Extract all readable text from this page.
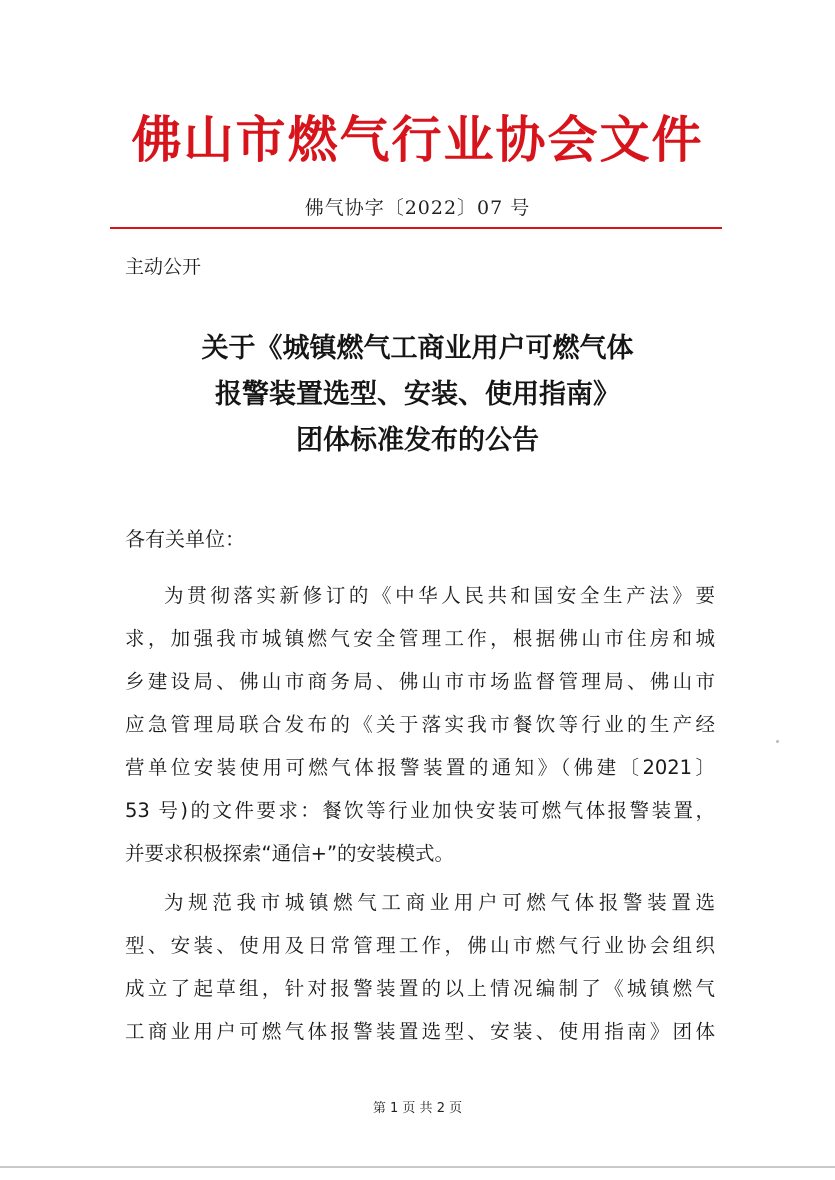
佛山市燃气行业协会文件
佛气协字〔2022〕07 号
主动公开
关于《城镇燃气工商业用户可燃气体
报警装置选型、安装、使用指南》
团体标准发布的公告
各有关单位：
为贯彻落实新修订的《中华人民共和国安全生产法》要
求，加强我市城镇燃气安全管理工作，根据佛山市住房和城
乡建设局、佛山市商务局、佛山市市场监督管理局、佛山市
应急管理局联合发布的《关于落实我市餐饮等行业的生产经
营单位安装使用可燃气体报警装置的通知》（佛建〔2021〕
53 号)的文件要求：餐饮等行业加快安装可燃气体报警装置，
并要求积极探索“通信+”的安装模式。
为规范我市城镇燃气工商业用户可燃气体报警装置选
型、安装、使用及日常管理工作，佛山市燃气行业协会组织
成立了起草组，针对报警装置的以上情况编制了《城镇燃气
工商业用户可燃气体报警装置选型、安装、使用指南》团体
第 1 页 共 2 页
